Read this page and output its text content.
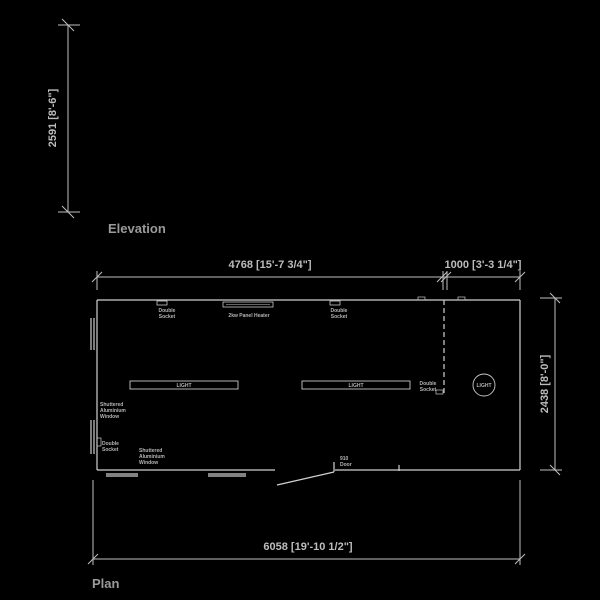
2591 [8'-6"]
Elevation
4768 [15'-7 3/4"]	1000 [3'-3 1/4"]
2438 [8'-0"]
6058 [19'-10 1/2"]
Plan
Double
Socket	2kw Panel Heater
Double
Socket
LIGHT	LIGHT	LIGHT
Double
Socket
Shuttered
Aluminium
Window
Double
Socket	Shuttered
Aluminium
Window
910
Door
